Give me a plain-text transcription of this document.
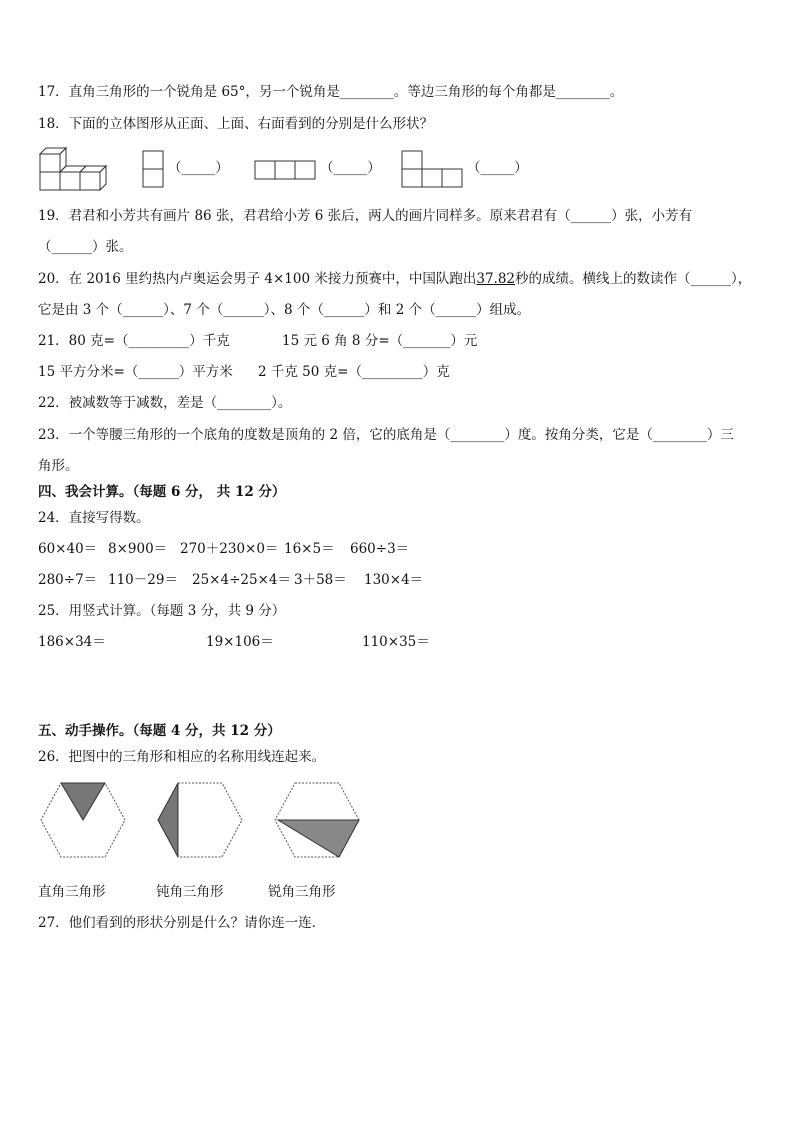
17．直角三角形的一个锐角是 65°，另一个锐角是________。等边三角形的每个角都是________。
18．下面的立体图形从正面、上面、右面看到的分别是什么形状？
（_____）	（_____）	（_____）
19．君君和小芳共有画片 86 张，君君给小芳 6 张后，两人的画片同样多。原来君君有（______）张，小芳有
（______）张。
20．在 2016 里约热内卢奥运会男子 4×100 米接力预赛中，中国队跑出37.82秒的成绩。横线上的数读作（______），
它是由 3 个（______）、7 个（______）、8 个（______）和 2 个（______）组成。
21．80 克=（_________）千克	15 元 6 角 8 分=（_______）元
15 平方分米=（______）平方米 2 千克 50 克=（_________）克
22．被减数等于减数，差是（________）。
23．一个等腰三角形的一个底角的度数是顶角的 2 倍，它的底角是（________）度。按角分类，它是（________）三
角形。
四、我会计算。（每题 6 分， 共 12 分）
24．直接写得数。
60×40＝ 8×900＝ 270＋230×0＝ 16×5＝ 660÷3＝
280÷7＝ 110－29＝ 25×4÷25×4＝ 3＋58＝ 130×4＝
25．用竖式计算。（每题 3 分，共 9 分）
186×34＝	19×106＝	110×35＝
五、动手操作。（每题 4 分，共 12 分）
26．把图中的三角形和相应的名称用线连起来。
直角三角形	钝角三角形	锐角三角形
27．他们看到的形状分别是什么？请你连一连．
